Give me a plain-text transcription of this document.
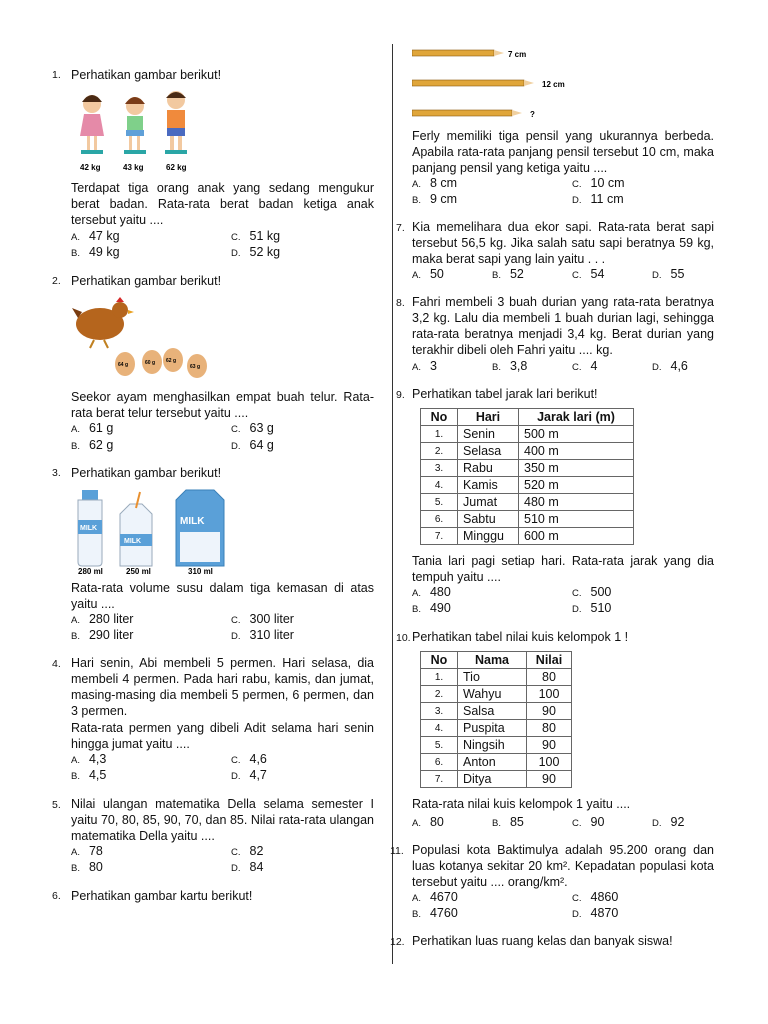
1. Perhatikan gambar berikut!
42 kg	43 kg	62 kg
Terdapat tiga orang anak yang sedang mengukur berat badan. Rata-rata berat badan ketiga anak tersebut yaitu ....
A. 47 kg	C. 51 kg
B. 49 kg	D. 52 kg
2. Perhatikan gambar berikut!
64 g	60 g 62 g
63 g
Seekor ayam menghasilkan empat buah telur. Rata-rata berat telur tersebut yaitu ....
A. 61 g	C. 63 g
B. 62 g	D. 64 g
3. Perhatikan gambar berikut!
MILK
MILK
MILK
280 ml	250 ml	310 ml
Rata-rata volume susu dalam tiga kemasan di atas yaitu ....
A. 280 liter	C. 300 liter
B. 290 liter	D. 310 liter
4. Hari senin, Abi membeli 5 permen. Hari selasa, dia membeli 4 permen. Pada hari rabu, kamis, dan jumat, masing-masing dia membeli 5 permen, 6 permen, dan 3 permen.
Rata-rata permen yang dibeli Adit selama hari senin hingga jumat yaitu ....
A. 4,3	C. 4,6
B. 4,5	D. 4,7
5. Nilai ulangan matematika Della selama semester I yaitu 70, 80, 85, 90, 70, dan 85. Nilai rata-rata ulangan matematika Della yaitu ....
A. 78	C. 82
B. 80	D. 84
6. Perhatikan gambar kartu berikut!
7 cm
12 cm
?
Ferly memiliki tiga pensil yang ukurannya berbeda. Apabila rata-rata panjang pensil tersebut 10 cm, maka panjang pensil yang ketiga yaitu ....
A. 8 cm	C. 10 cm
B. 9 cm	D. 11 cm
7. Kia memelihara dua ekor sapi. Rata-rata berat sapi tersebut 56,5 kg. Jika salah satu sapi beratnya 59 kg, maka berat sapi yang lain yaitu . . .
A. 50	B. 52	C. 54	D. 55
8. Fahri membeli 3 buah durian yang rata-rata beratnya 3,2 kg. Lalu dia membeli 1 buah durian lagi, sehingga rata-rata beratnya menjadi 3,4 kg. Berat durian yang terakhir dibeli oleh Fahri yaitu .... kg.
A. 3	B. 3,8	C. 4	D. 4,6
9. Perhatikan tabel jarak lari berikut!
No	Hari	Jarak lari (m)
1.	Senin	500 m
2.	Selasa	400 m
3.	Rabu	350 m
4.	Kamis	520 m
5.	Jumat	480 m
6.	Sabtu	510 m
7.	Minggu	600 m
Tania lari pagi setiap hari. Rata-rata jarak yang dia tempuh yaitu ....
A. 480	C. 500
B. 490	D. 510
10. Perhatikan tabel nilai kuis kelompok 1 !
No	Nama	Nilai
1.	Tio	80
2.	Wahyu	100
3.	Salsa	90
4.	Puspita	80
5.	Ningsih	90
6.	Anton	100
7.	Ditya	90
Rata-rata nilai kuis kelompok 1 yaitu ....
A. 80	B. 85	C. 90	D. 92
11. Populasi kota Baktimulya adalah 95.200 orang dan luas kotanya sekitar 20 km². Kepadatan populasi kota tersebut yaitu .... orang/km².
A. 4670	C. 4860
B. 4760	D. 4870
12. Perhatikan luas ruang kelas dan banyak siswa!
